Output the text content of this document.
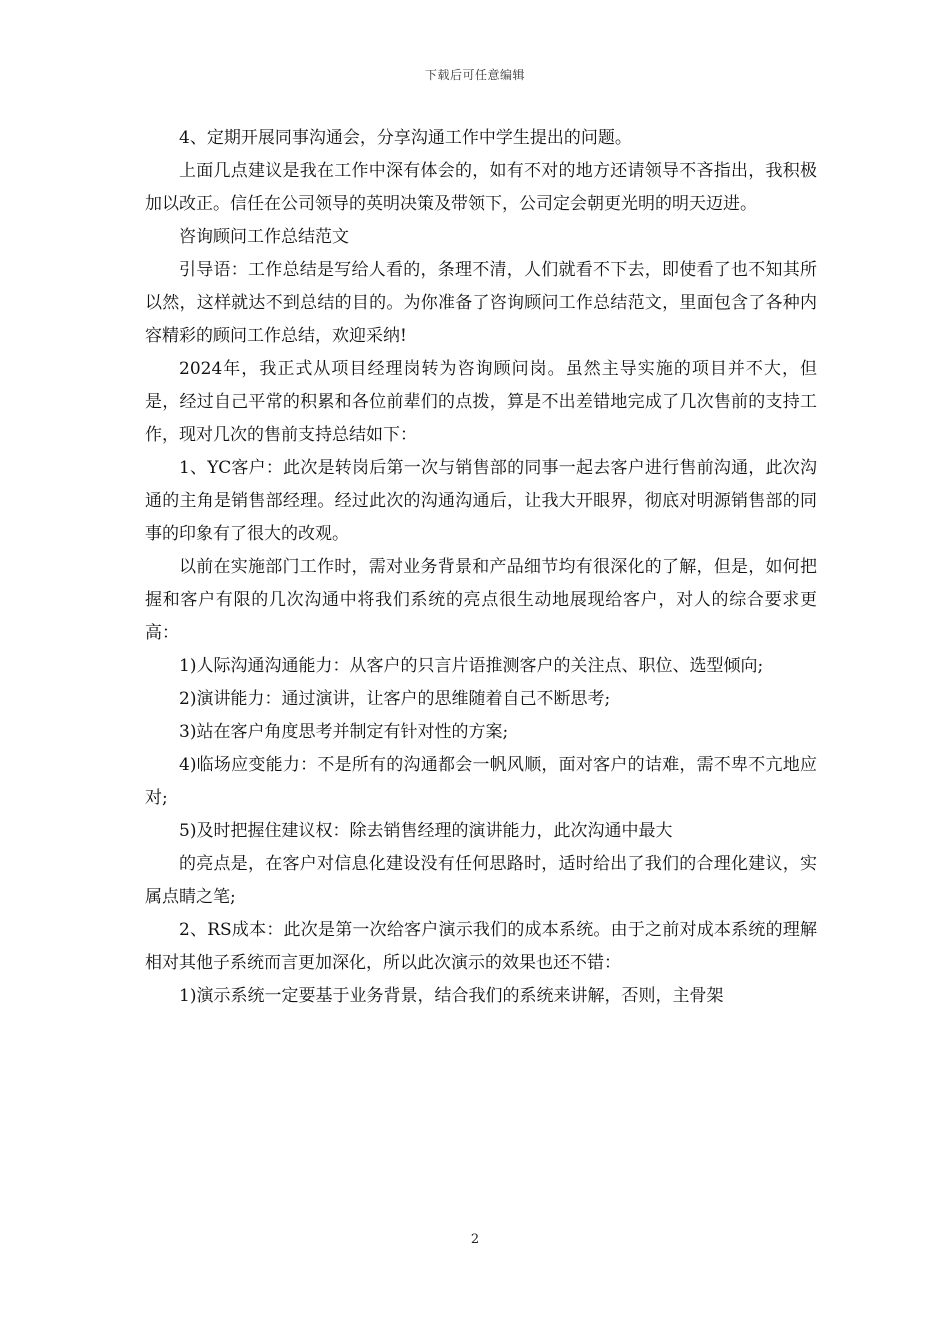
下载后可任意编辑

4、定期开展同事沟通会，分享沟通工作中学生提出的问题。

上面几点建议是我在工作中深有体会的，如有不对的地方还请领导不吝指出，我积极加以改正。信任在公司领导的英明决策及带领下，公司定会朝更光明的明天迈进。

咨询顾问工作总结范文

引导语：工作总结是写给人看的，条理不清，人们就看不下去，即使看了也不知其所以然，这样就达不到总结的目的。为你准备了咨询顾问工作总结范文，里面包含了各种内容精彩的顾问工作总结，欢迎采纳!

2024年，我正式从项目经理岗转为咨询顾问岗。虽然主导实施的项目并不大，但是，经过自己平常的积累和各位前辈们的点拨，算是不出差错地完成了几次售前的支持工作，现对几次的售前支持总结如下：

1、YC客户：此次是转岗后第一次与销售部的同事一起去客户进行售前沟通，此次沟通的主角是销售部经理。经过此次的沟通沟通后，让我大开眼界，彻底对明源销售部的同事的印象有了很大的改观。

以前在实施部门工作时，需对业务背景和产品细节均有很深化的了解，但是，如何把握和客户有限的几次沟通中将我们系统的亮点很生动地展现给客户，对人的综合要求更高：

1)人际沟通沟通能力：从客户的只言片语推测客户的关注点、职位、选型倾向;

2)演讲能力：通过演讲，让客户的思维随着自己不断思考;

3)站在客户角度思考并制定有针对性的方案;

4)临场应变能力：不是所有的沟通都会一帆风顺，面对客户的诘难，需不卑不亢地应对;

5)及时把握住建议权：除去销售经理的演讲能力，此次沟通中最大

的亮点是，在客户对信息化建设没有任何思路时，适时给出了我们的合理化建议，实属点睛之笔;

2、RS成本：此次是第一次给客户演示我们的成本系统。由于之前对成本系统的理解相对其他子系统而言更加深化，所以此次演示的效果也还不错：

1)演示系统一定要基于业务背景，结合我们的系统来讲解，否则，主骨架

2
